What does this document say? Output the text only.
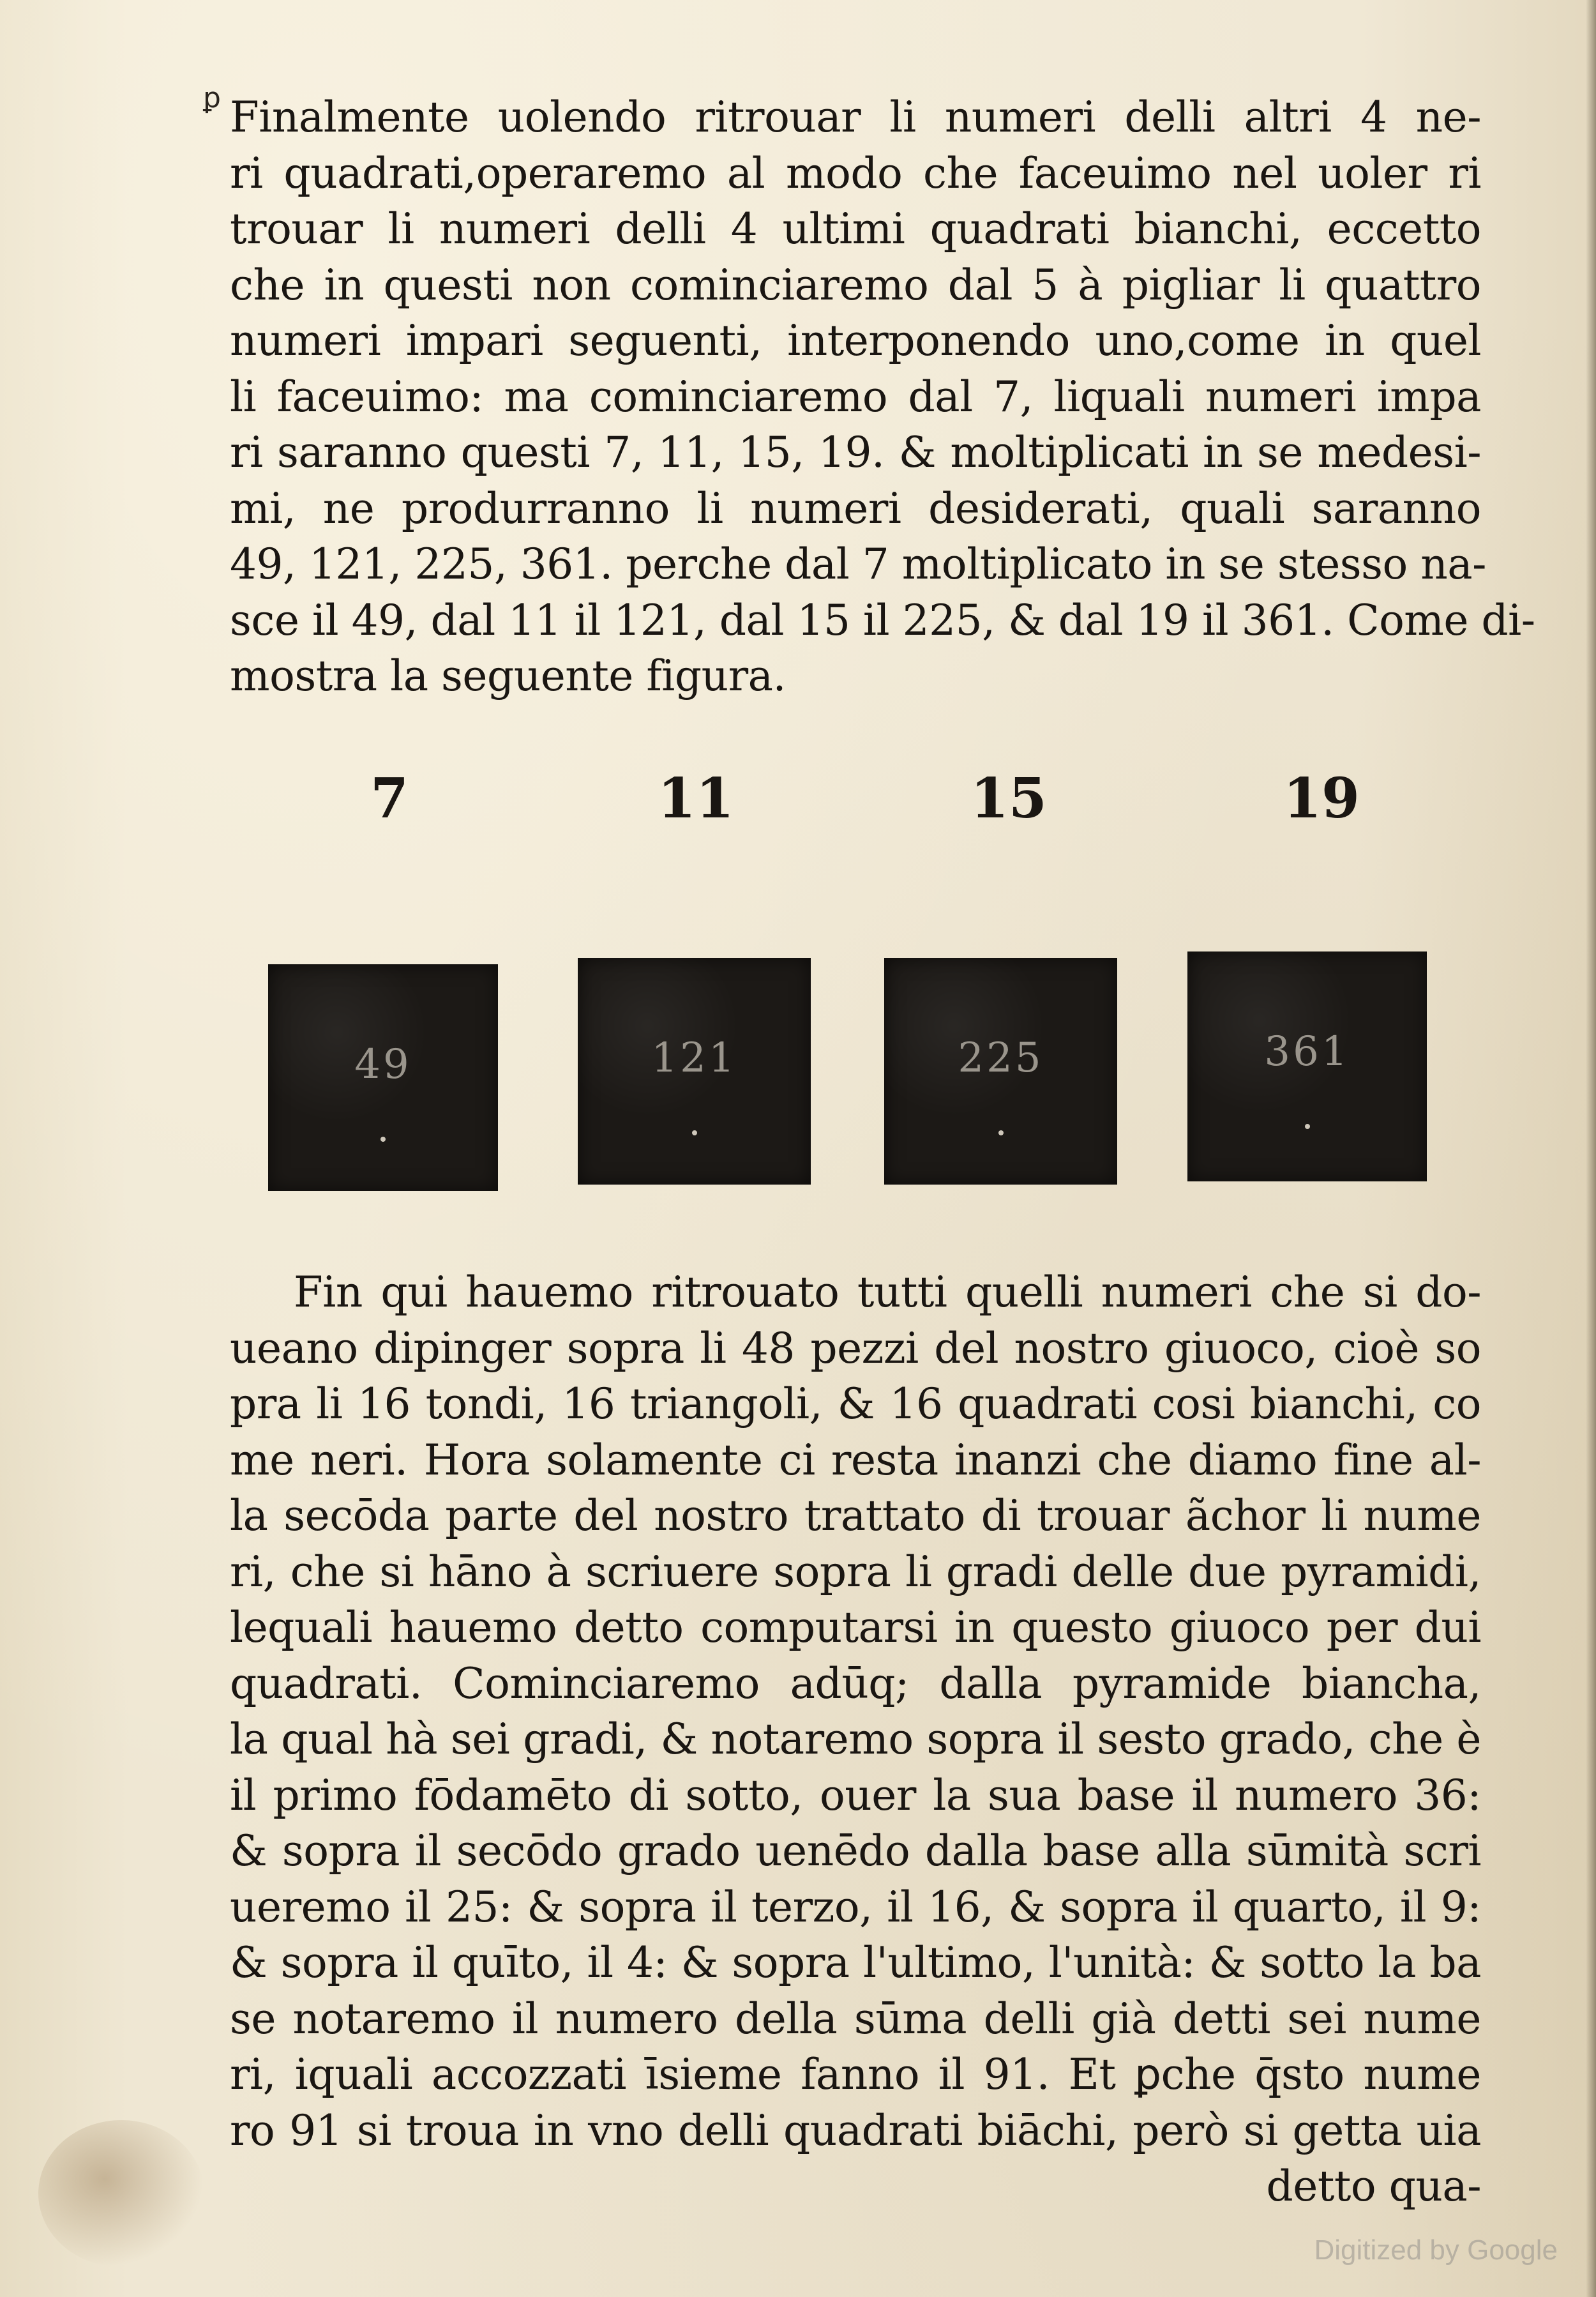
ꝑ Finalmente uolendo ritrouar li numeri delli altri 4 ne-
ri quadrati,operaremo al modo che faceuimo nel uoler ri
trouar li numeri delli 4 ultimi quadrati bianchi, eccetto
che in questi non cominciaremo dal 5 à pigliar li quattro
numeri impari seguenti, interponendo uno,come in quel
li faceuimo: ma cominciaremo dal 7, liquali numeri impa
ri saranno questi 7, 11, 15, 19. & moltiplicati in se medesi-
mi, ne produrranno li numeri desiderati, quali saranno
49, 121, 225, 361. perche dal 7 moltiplicato in se stesso na-
sce il 49, dal 11 il 121, dal 15 il 225, & dal 19 il 361. Come di-
mostra la seguente figura.
7	11	15	19
49	121	225	361
Fin qui hauemo ritrouato tutti quelli numeri che si do-
ueano dipinger sopra li 48 pezzi del nostro giuoco, cioè so
pra li 16 tondi, 16 triangoli, & 16 quadrati cosi bianchi, co
me neri. Hora solamente ci resta inanzi che diamo fine al-
la secōda parte del nostro trattato di trouar ãchor li nume
ri, che si hāno à scriuere sopra li gradi delle due pyramidi,
lequali hauemo detto computarsi in questo giuoco per dui
quadrati. Cominciaremo adūq; dalla pyramide biancha,
la qual hà sei gradi, & notaremo sopra il sesto grado, che è
il primo fōdamēto di sotto, ouer la sua base il numero 36:
& sopra il secōdo grado uenēdo dalla base alla sūmità scri
ueremo il 25: & sopra il terzo, il 16, & sopra il quarto, il 9:
& sopra il quīto, il 4: & sopra l'ultimo, l'unità: & sotto la ba
se notaremo il numero della sūma delli già detti sei nume
ri, iquali accozzati īsieme fanno il 91. Et ꝑche q̄sto nume
ro 91 si troua in vno delli quadrati biāchi, però si getta uia
detto qua-
Digitized by Google
